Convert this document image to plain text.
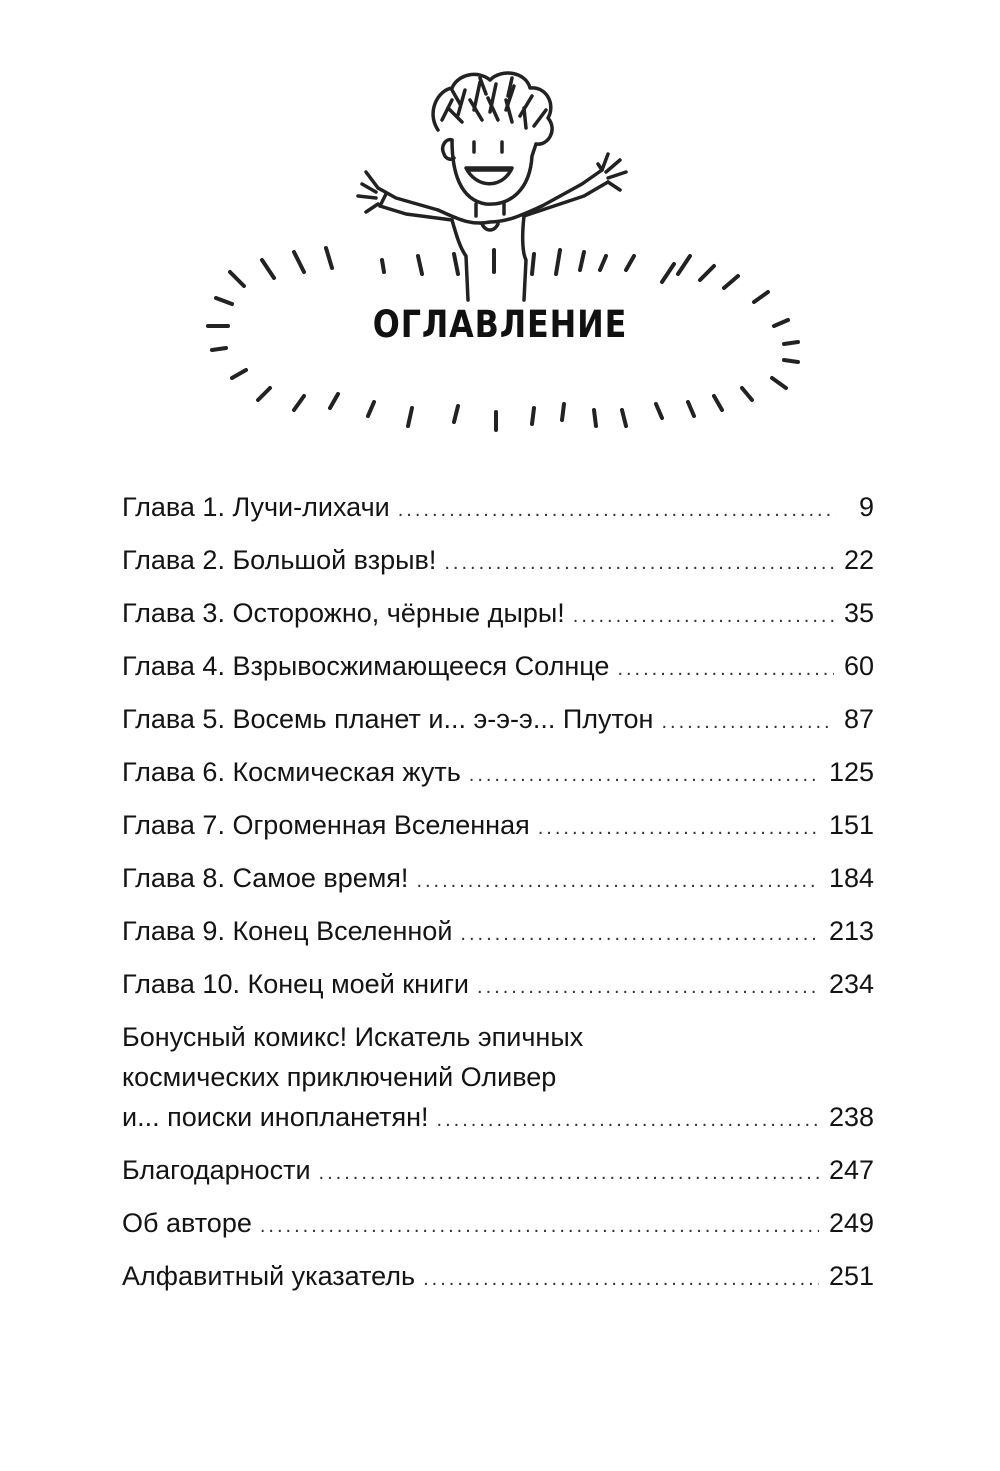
ОГЛАВЛЕНИЕ
Глава 1. Лучи-лихачи .....	9
Глава 2. Большой взрыв! .....	22
Глава 3. Осторожно, чёрные дыры! .....	35
Глава 4. Взрывосжимающееся Солнце .....	60
Глава 5. Восемь планет и... э-э-э... Плутон .....	87
Глава 6. Космическая жуть .....	125
Глава 7. Огроменная Вселенная .....	151
Глава 8. Самое время! .....	184
Глава 9. Конец Вселенной .....	213
Глава 10. Конец моей книги .....	234
Бонусный комикс! Искатель эпичных
космических приключений Оливер
и... поиски инопланетян! .....	238
Благодарности .....	247
Об авторе .....	249
Алфавитный указатель .....	251
